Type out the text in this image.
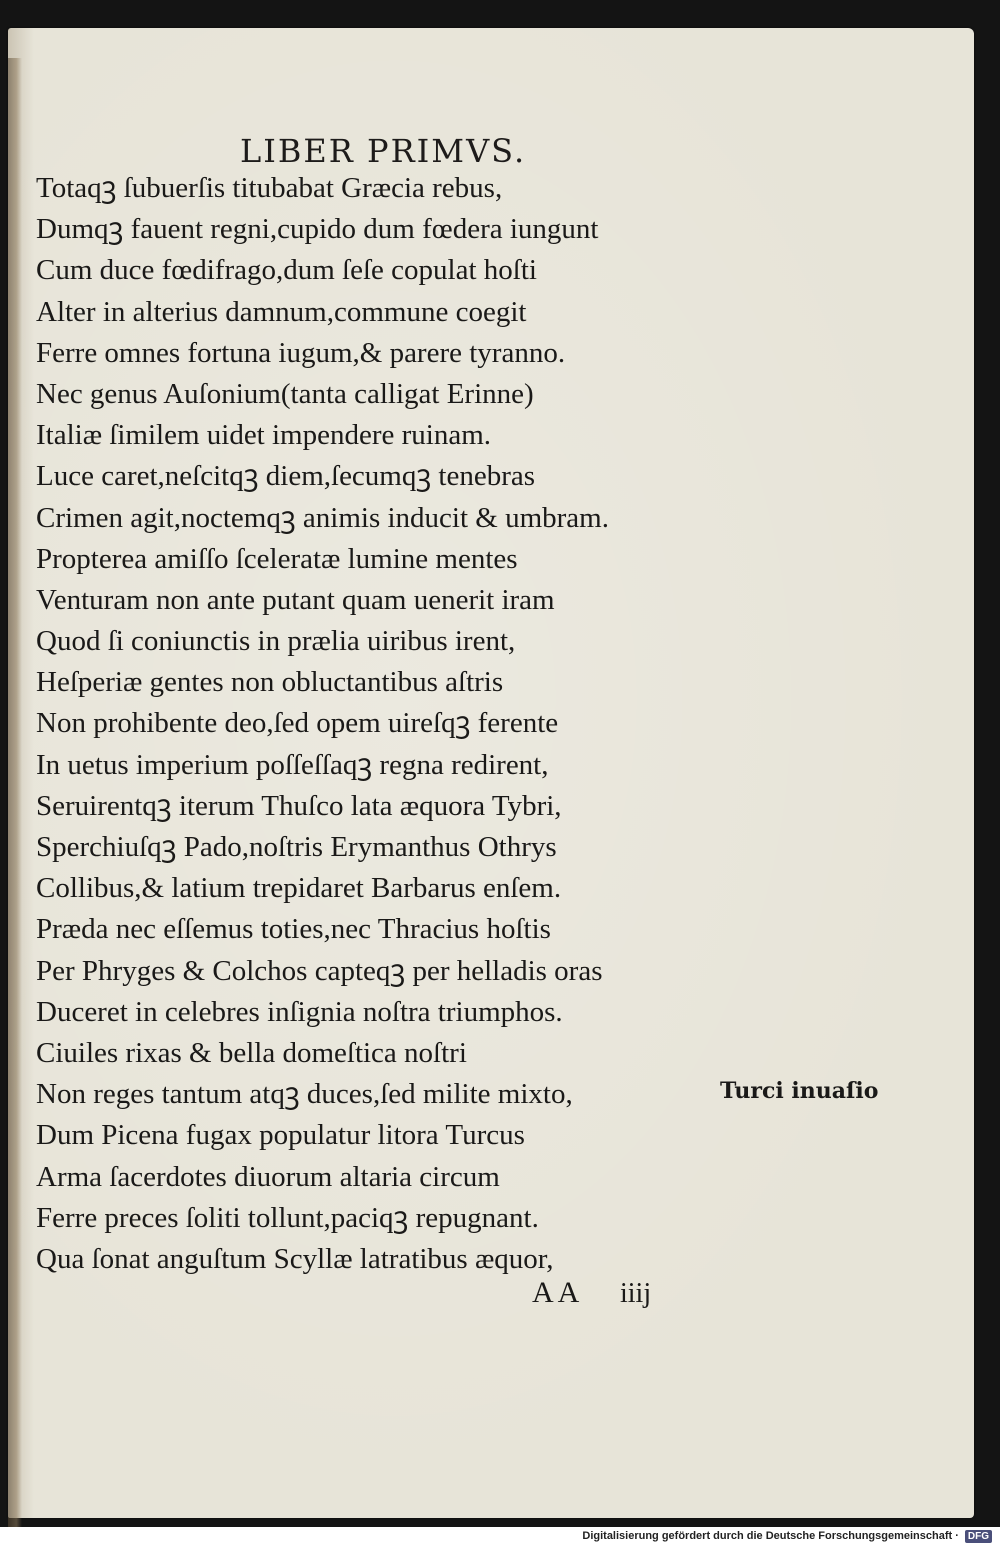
LIBER PRIMVS.
Totaqꝫ ſubuerſis titubabat Græcia rebus,
Dumqꝫ fauent regni,cupido dum fœdera iungunt
Cum duce fœdifrago,dum ſeſe copulat hoſti
Alter in alterius damnum,commune coegit
Ferre omnes fortuna iugum,& parere tyranno.
Nec genus Auſonium(tanta calligat Erinne)
Italiæ ſimilem uidet impendere ruinam.
Luce caret,neſcitqꝫ diem,ſecumqꝫ tenebras
Crimen agit,noctemqꝫ animis inducit & umbram.
Propterea amiſſo ſceleratæ lumine mentes
Venturam non ante putant quam uenerit iram
Quod ſi coniunctis in prælia uiribus irent,
Heſperiæ gentes non obluctantibus aſtris
Non prohibente deo,ſed opem uireſqꝫ ferente
In uetus imperium poſſeſſaqꝫ regna redirent,
Seruirentqꝫ iterum Thuſco lata æquora Tybri,
Sperchiuſqꝫ Pado,noſtris Erymanthus Othrys
Collibus,& latium trepidaret Barbarus enſem.
Præda nec eſſemus toties,nec Thracius hoſtis
Per Phryges & Colchos capteqꝫ per helladis oras
Duceret in celebres inſignia noſtra triumphos.
Ciuiles rixas & bella domeſtica noſtri
Non reges tantum atqꝫ duces,ſed milite mixto,
Dum Picena fugax populatur litora Turcus
Arma ſacerdotes diuorum altaria circum
Ferre preces ſoliti tollunt,paciqꝫ repugnant.
Qua ſonat anguſtum Scyllæ latratibus æquor,
Turci inuaſio
AA iiij
Digitalisierung gefördert durch die Deutsche Forschungsgemeinschaft · DFG
